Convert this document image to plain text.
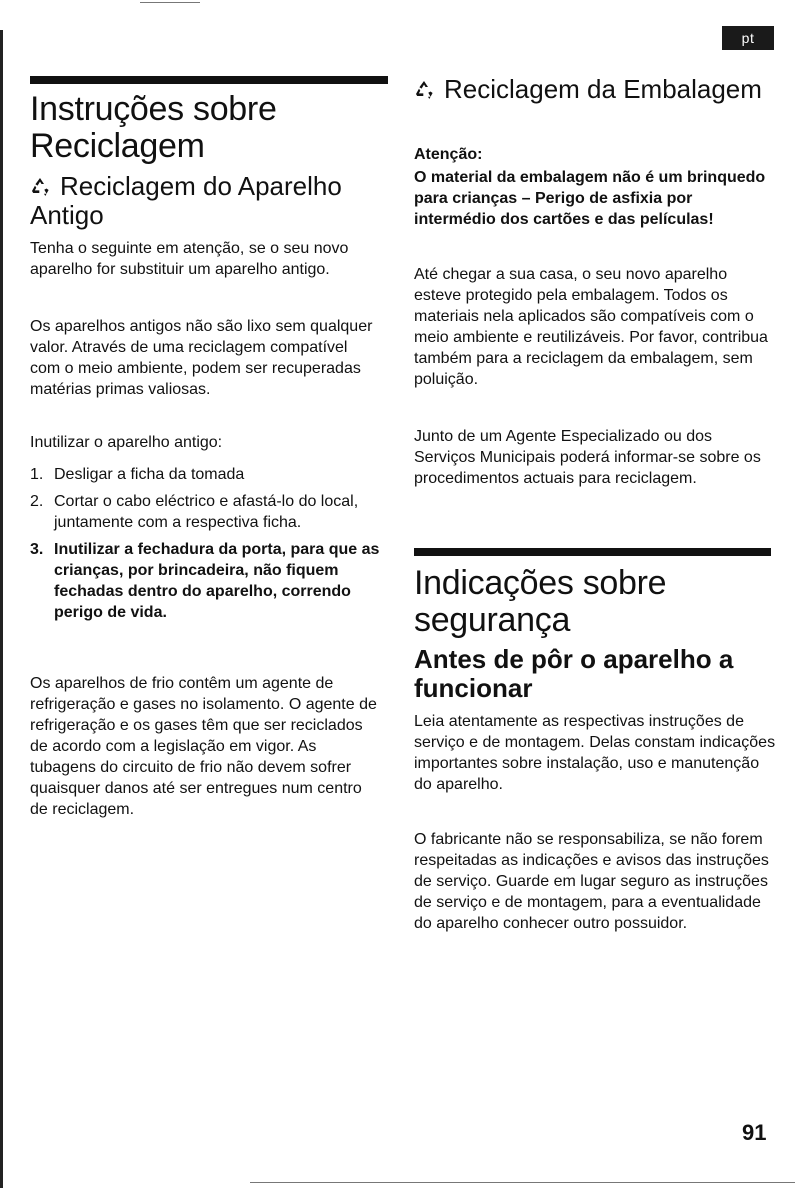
pt
Instruções sobre Reciclagem
Reciclagem do Aparelho Antigo

Tenha o seguinte em atenção, se o seu novo aparelho for substituir um aparelho antigo.

Os aparelhos antigos não são lixo sem qualquer valor. Através de uma reciclagem compatível com o meio ambiente, podem ser recuperadas matérias primas valiosas.

Inutilizar o aparelho antigo:

1. Desligar a ficha da tomada
2. Cortar o cabo eléctrico e afastá-lo do local, juntamente com a respectiva ficha.
3. Inutilizar a fechadura da porta, para que as crianças, por brincadeira, não fiquem fechadas dentro do aparelho, correndo perigo de vida.

Os aparelhos de frio contêm um agente de refrigeração e gases no isolamento. O agente de refrigeração e os gases têm que ser reciclados de acordo com a legislação em vigor. As tubagens do circuito de frio não devem sofrer quaisquer danos até ser entregues num centro de reciclagem.

Reciclagem da Embalagem

Atenção:

O material da embalagem não é um brinquedo para crianças – Perigo de asfixia por intermédio dos cartões e das películas!

Até chegar a sua casa, o seu novo aparelho esteve protegido pela embalagem. Todos os materiais nela aplicados são compatíveis com o meio ambiente e reutilizáveis. Por favor, contribua também para a reciclagem da embalagem, sem poluição.

Junto de um Agente Especializado ou dos Serviços Municipais poderá informar-se sobre os procedimentos actuais para reciclagem.

Indicações sobre segurança
Antes de pôr o aparelho a funcionar

Leia atentamente as respectivas instruções de serviço e de montagem. Delas constam indicações importantes sobre instalação, uso e manutenção do aparelho.

O fabricante não se responsabiliza, se não forem respeitadas as indicações e avisos das instruções de serviço. Guarde em lugar seguro as instruções de serviço e de montagem, para a eventualidade do aparelho conhecer outro possuidor.

91
